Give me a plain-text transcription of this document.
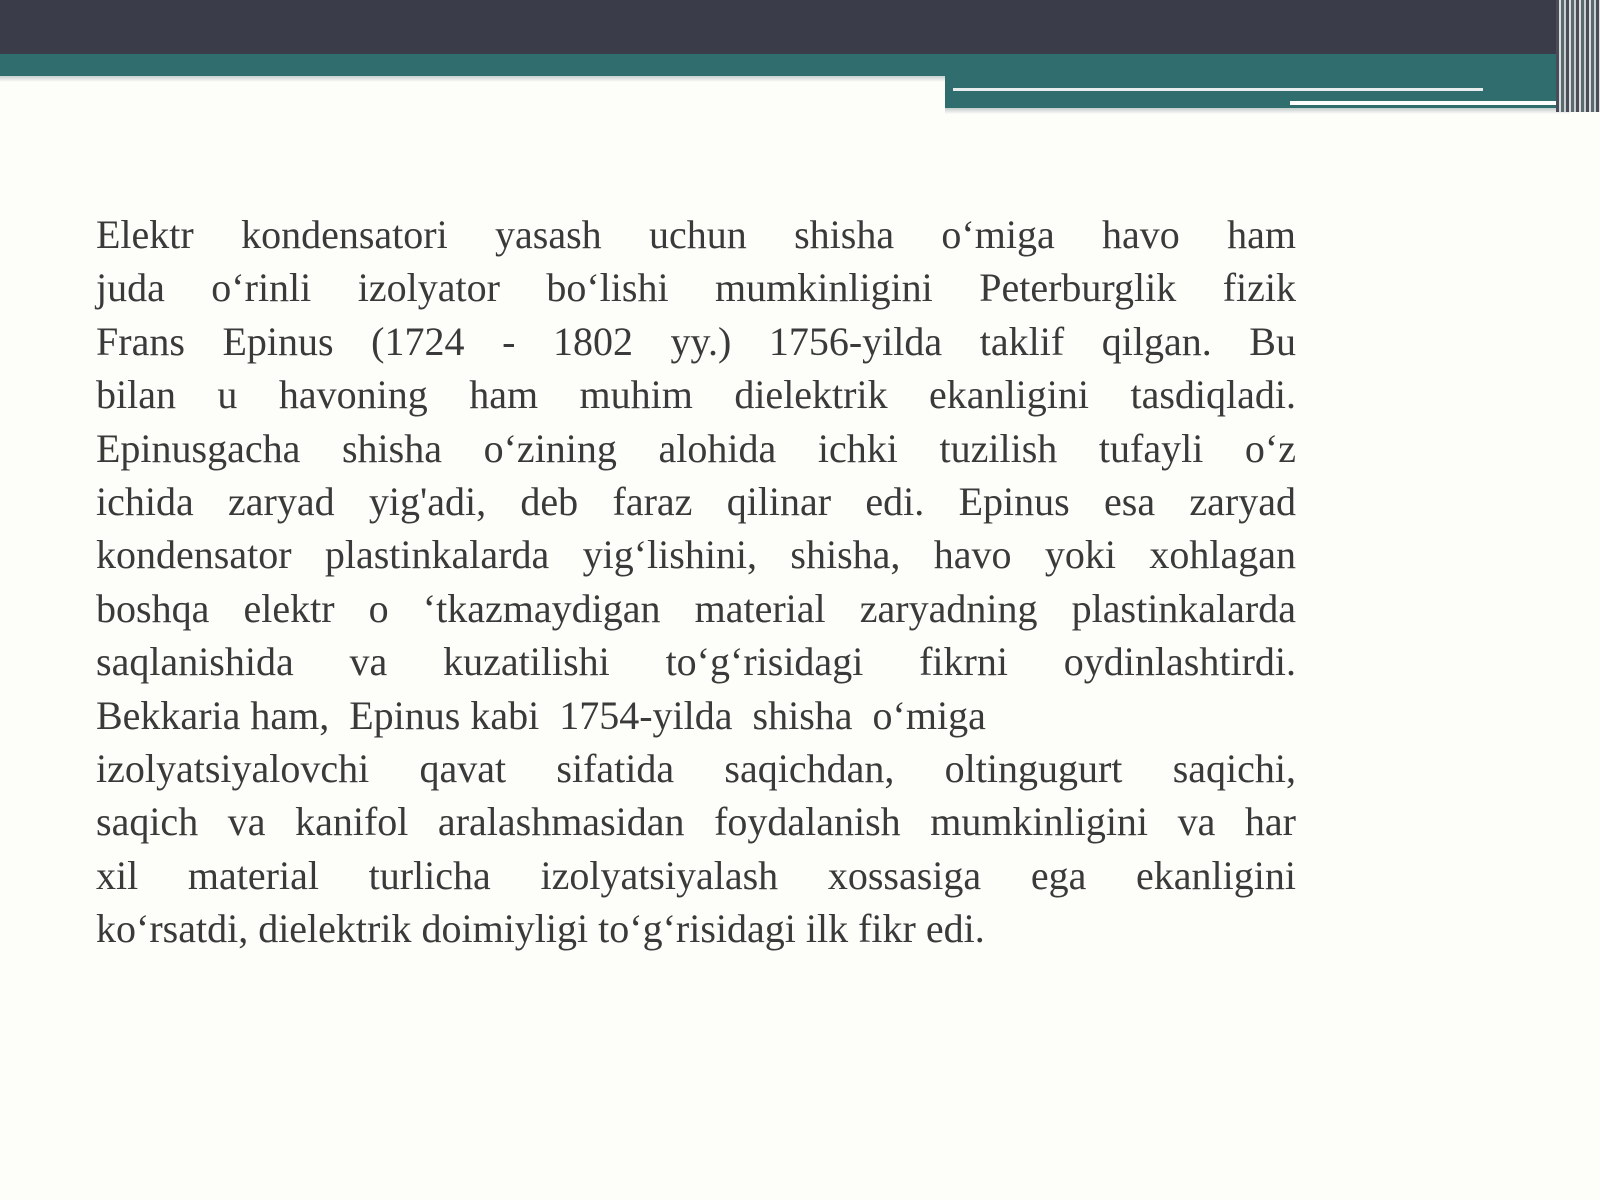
Elektr kondensatori yasash uchun shisha o‘miga havo ham
juda o‘rinli izolyator bo‘lishi mumkinligini Peterburglik fizik
Frans Epinus (1724 - 1802 yy.) 1756-yilda taklif qilgan. Bu
bilan u havoning ham muhim dielektrik ekanligini tasdiqladi.
Epinusgacha shisha o‘zining alohida ichki tuzilish tufayli o‘z
ichida zaryad yig'adi, deb faraz qilinar edi. Epinus esa zaryad
kondensator plastinkalarda yig‘lishini, shisha, havo yoki xohlagan
boshqa elektr o ‘tkazmaydigan material zaryadning plastinkalarda
saqlanishida va kuzatilishi to‘g‘risidagi fikrni oydinlashtirdi.
Bekkaria ham,  Epinus kabi  1754-yilda  shisha  o‘miga
izolyatsiyalovchi qavat sifatida saqichdan, oltingugurt saqichi,
saqich va kanifol aralashmasidan foydalanish mumkinligini va har
xil material turlicha izolyatsiyalash xossasiga ega ekanligini
ko‘rsatdi, dielektrik doimiyligi to‘g‘risidagi ilk fikr edi.
